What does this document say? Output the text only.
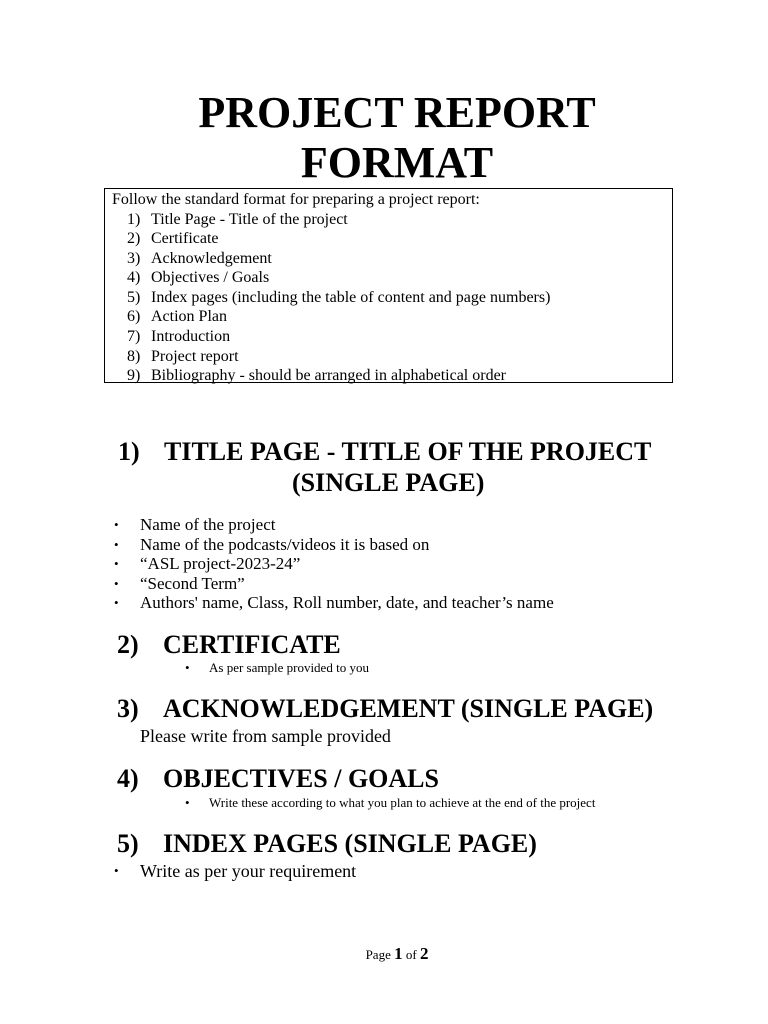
PROJECT REPORT
FORMAT
Follow the standard format for preparing a project report:
1) Title Page - Title of the project
2) Certificate
3) Acknowledgement
4) Objectives / Goals
5) Index pages (including the table of content and page numbers)
6) Action Plan
7) Introduction
8) Project report
9) Bibliography - should be arranged in alphabetical order
1) TITLE PAGE - TITLE OF THE PROJECT
(SINGLE PAGE)
• Name of the project
• Name of the podcasts/videos it is based on
• “ASL project-2023-24”
• “Second Term”
• Authors' name, Class, Roll number, date, and teacher’s name
2) CERTIFICATE
• As per sample provided to you
3) ACKNOWLEDGEMENT (SINGLE PAGE)
Please write from sample provided
4) OBJECTIVES / GOALS
• Write these according to what you plan to achieve at the end of the project
5) INDEX PAGES (SINGLE PAGE)
• Write as per your requirement
Page 1 of 2
